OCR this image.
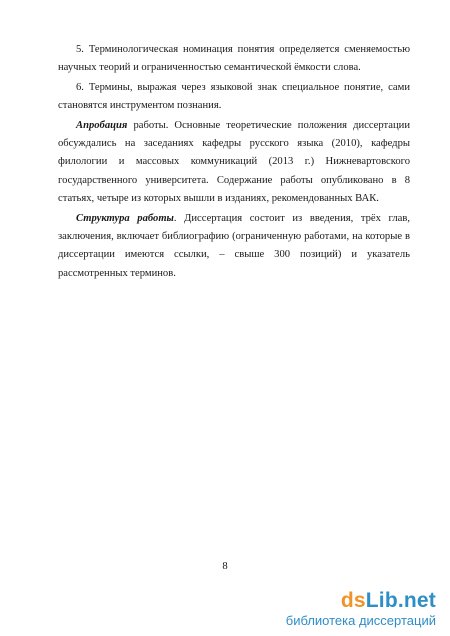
5. Терминологическая номинация понятия определяется сменяемостью научных теорий и ограниченностью семантической ёмкости слова.

6. Термины, выражая через языковой знак специальное понятие, сами становятся инструментом познания.

Апробация работы. Основные теоретические положения диссертации обсуждались на заседаниях кафедры русского языка (2010), кафедры филологии и массовых коммуникаций (2013 г.) Нижневартовского государственного университета. Содержание работы опубликовано в 8 статьях, четыре из которых вышли в изданиях, рекомендованных ВАК.

Структура работы. Диссертация состоит из введения, трёх глав, заключения, включает библиографию (ограниченную работами, на которые в диссертации имеются ссылки, – свыше 300 позиций) и указатель рассмотренных терминов.

8
dsLib.net
библиотека диссертаций
